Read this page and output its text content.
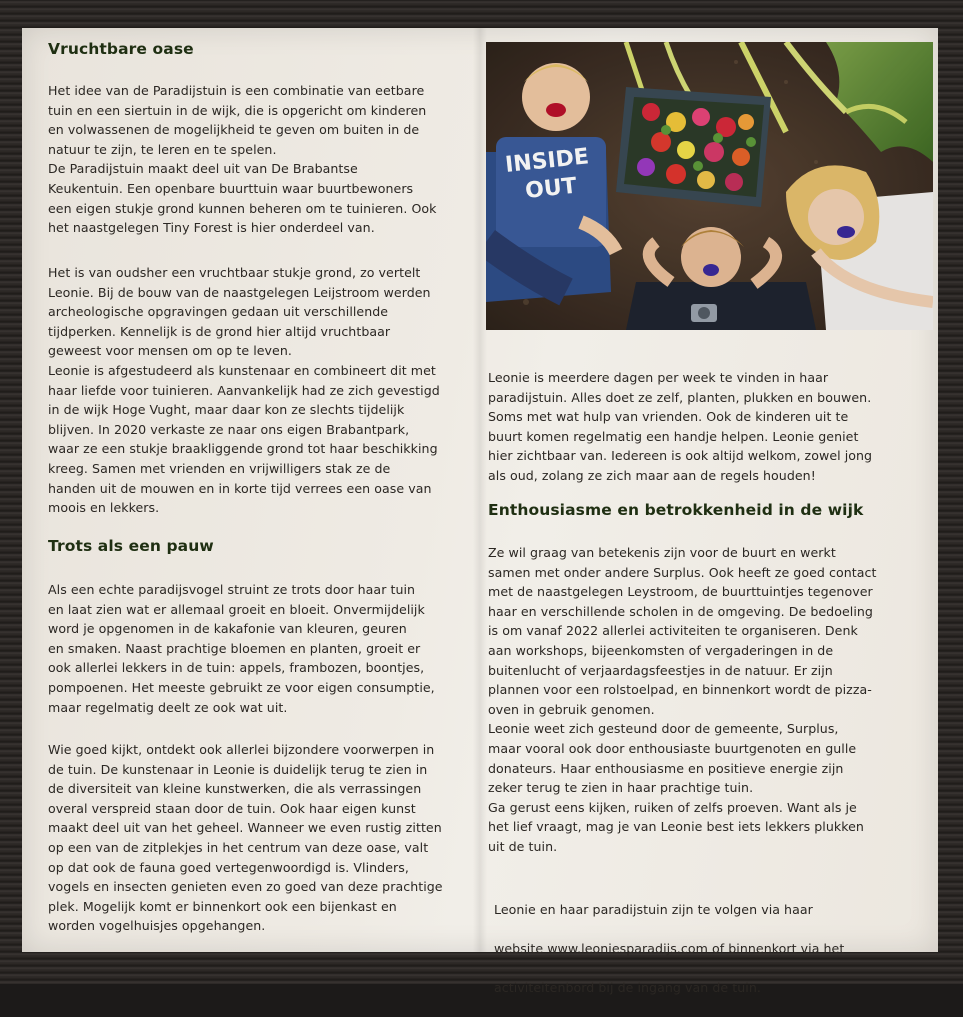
Vruchtbare oase

Het idee van de Paradijstuin is een combinatie van eetbare
tuin en een siertuin in de wijk, die is opgericht om kinderen
en volwassenen de mogelijkheid te geven om buiten in de
natuur te zijn, te leren en te spelen.
De Paradijstuin maakt deel uit van De Brabantse
Keukentuin. Een openbare buurttuin waar buurtbewoners
een eigen stukje grond kunnen beheren om te tuinieren. Ook
het naastgelegen Tiny Forest is hier onderdeel van.

Het is van oudsher een vruchtbaar stukje grond, zo vertelt
Leonie. Bij de bouw van de naastgelegen Leijstroom werden
archeologische opgravingen gedaan uit verschillende
tijdperken. Kennelijk is de grond hier altijd vruchtbaar
geweest voor mensen om op te leven.
Leonie is afgestudeerd als kunstenaar en combineert dit met
haar liefde voor tuinieren. Aanvankelijk had ze zich gevestigd
in de wijk Hoge Vught, maar daar kon ze slechts tijdelijk
blijven. In 2020 verkaste ze naar ons eigen Brabantpark,
waar ze een stukje braakliggende grond tot haar beschikking
kreeg. Samen met vrienden en vrijwilligers stak ze de
handen uit de mouwen en in korte tijd verrees een oase van
moois en lekkers.

Trots als een pauw

Als een echte paradijsvogel struint ze trots door haar tuin
en laat zien wat er allemaal groeit en bloeit. Onvermijdelijk
word je opgenomen in de kakafonie van kleuren, geuren
en smaken. Naast prachtige bloemen en planten, groeit er
ook allerlei lekkers in de tuin: appels, frambozen, boontjes,
pompoenen. Het meeste gebruikt ze voor eigen consumptie,
maar regelmatig deelt ze ook wat uit.

Wie goed kijkt, ontdekt ook allerlei bijzondere voorwerpen in
de tuin. De kunstenaar in Leonie is duidelijk terug te zien in
de diversiteit van kleine kunstwerken, die als verrassingen
overal verspreid staan door de tuin. Ook haar eigen kunst
maakt deel uit van het geheel. Wanneer we even rustig zitten
op een van de zitplekjes in het centrum van deze oase, valt
op dat ook de fauna goed vertegenwoordigd is. Vlinders,
vogels en insecten genieten even zo goed van deze prachtige
plek. Mogelijk komt er binnenkort ook een bijenkast en
worden vogelhuisjes opgehangen.

INSIDE
OUT

Leonie is meerdere dagen per week te vinden in haar
paradijstuin. Alles doet ze zelf, planten, plukken en bouwen.
Soms met wat hulp van vrienden. Ook de kinderen uit te
buurt komen regelmatig een handje helpen. Leonie geniet
hier zichtbaar van. Iedereen is ook altijd welkom, zowel jong
als oud, zolang ze zich maar aan de regels houden!

Enthousiasme en betrokkenheid in de wijk

Ze wil graag van betekenis zijn voor de buurt en werkt
samen met onder andere Surplus. Ook heeft ze goed contact
met de naastgelegen Leystroom, de buurttuintjes tegenover
haar en verschillende scholen in de omgeving. De bedoeling
is om vanaf 2022 allerlei activiteiten te organiseren. Denk
aan workshops, bijeenkomsten of vergaderingen in de
buitenlucht of verjaardagsfeestjes in de natuur. Er zijn
plannen voor een rolstoelpad, en binnenkort wordt de pizza-
oven in gebruik genomen.
Leonie weet zich gesteund door de gemeente, Surplus,
maar vooral ook door enthousiaste buurtgenoten en gulle
donateurs. Haar enthousiasme en positieve energie zijn
zeker terug te zien in haar prachtige tuin.
Ga gerust eens kijken, ruiken of zelfs proeven. Want als je
het lief vraagt, mag je van Leonie best iets lekkers plukken
uit de tuin.

Leonie en haar paradijstuin zijn te volgen via haar

website www.leoniesparadijs.com of binnenkort via het

activiteitenbord bij de ingang van de tuin.
